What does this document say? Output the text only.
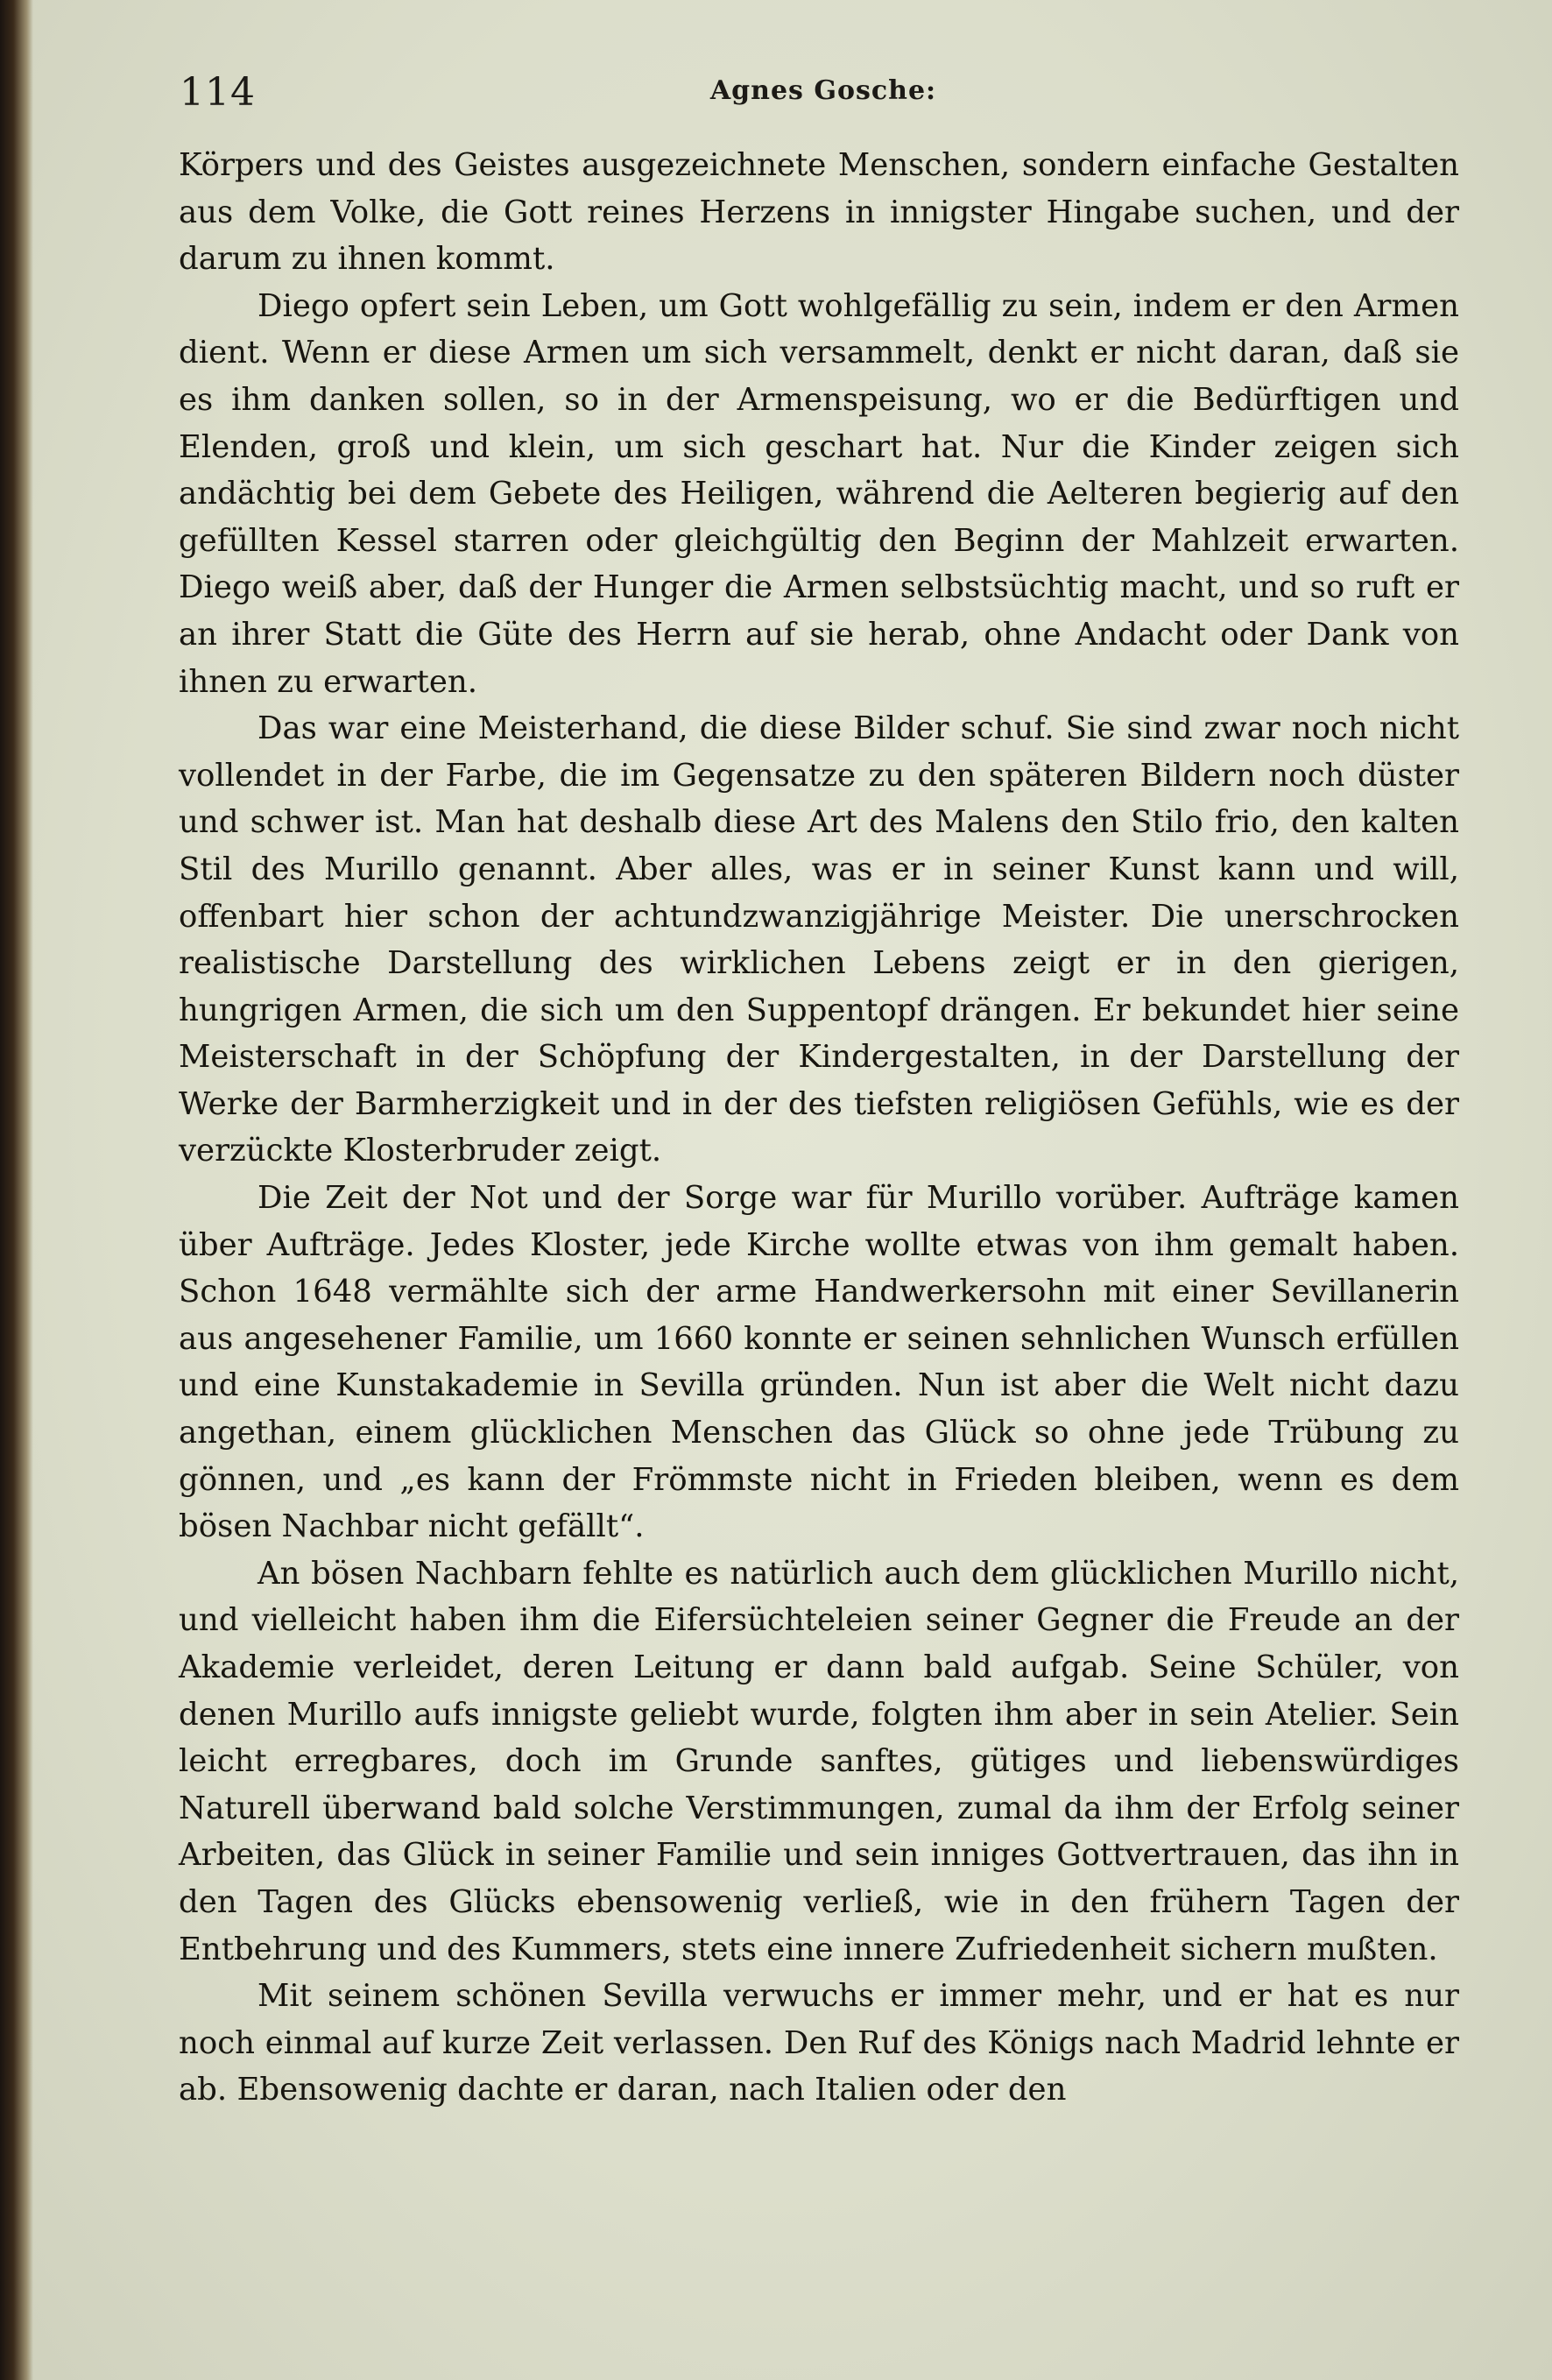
114	Agnes Gosche:

Körpers und des Geistes ausgezeichnete Menschen, sondern einfache Gestalten aus dem Volke, die Gott reines Herzens in innigster Hingabe suchen, und der darum zu ihnen kommt.

Diego opfert sein Leben, um Gott wohlgefällig zu sein, indem er den Armen dient. Wenn er diese Armen um sich versammelt, denkt er nicht daran, daß sie es ihm danken sollen, so in der Armenspeisung, wo er die Bedürftigen und Elenden, groß und klein, um sich geschart hat. Nur die Kinder zeigen sich andächtig bei dem Gebete des Heiligen, während die Aelteren begierig auf den gefüllten Kessel starren oder gleichgültig den Beginn der Mahlzeit erwarten. Diego weiß aber, daß der Hunger die Armen selbstsüchtig macht, und so ruft er an ihrer Statt die Güte des Herrn auf sie herab, ohne Andacht oder Dank von ihnen zu erwarten.

Das war eine Meisterhand, die diese Bilder schuf. Sie sind zwar noch nicht vollendet in der Farbe, die im Gegensatze zu den späteren Bildern noch düster und schwer ist. Man hat deshalb diese Art des Malens den Stilo frio, den kalten Stil des Murillo genannt. Aber alles, was er in seiner Kunst kann und will, offenbart hier schon der achtundzwanzigjährige Meister. Die unerschrocken realistische Darstellung des wirklichen Lebens zeigt er in den gierigen, hungrigen Armen, die sich um den Suppentopf drängen. Er bekundet hier seine Meisterschaft in der Schöpfung der Kindergestalten, in der Darstellung der Werke der Barmherzigkeit und in der des tiefsten religiösen Gefühls, wie es der verzückte Klosterbruder zeigt.

Die Zeit der Not und der Sorge war für Murillo vorüber. Aufträge kamen über Aufträge. Jedes Kloster, jede Kirche wollte etwas von ihm gemalt haben. Schon 1648 vermählte sich der arme Handwerkersohn mit einer Sevillanerin aus angesehener Familie, um 1660 konnte er seinen sehnlichen Wunsch erfüllen und eine Kunstakademie in Sevilla gründen. Nun ist aber die Welt nicht dazu angethan, einem glücklichen Menschen das Glück so ohne jede Trübung zu gönnen, und „es kann der Frömmste nicht in Frieden bleiben, wenn es dem bösen Nachbar nicht gefällt“.

An bösen Nachbarn fehlte es natürlich auch dem glücklichen Murillo nicht, und vielleicht haben ihm die Eifersüchteleien seiner Gegner die Freude an der Akademie verleidet, deren Leitung er dann bald aufgab. Seine Schüler, von denen Murillo aufs innigste geliebt wurde, folgten ihm aber in sein Atelier. Sein leicht erregbares, doch im Grunde sanftes, gütiges und liebenswürdiges Naturell überwand bald solche Verstimmungen, zumal da ihm der Erfolg seiner Arbeiten, das Glück in seiner Familie und sein inniges Gottvertrauen, das ihn in den Tagen des Glücks ebensowenig verließ, wie in den frühern Tagen der Entbehrung und des Kummers, stets eine innere Zufriedenheit sichern mußten.

Mit seinem schönen Sevilla verwuchs er immer mehr, und er hat es nur noch einmal auf kurze Zeit verlassen. Den Ruf des Königs nach Madrid lehnte er ab. Ebensowenig dachte er daran, nach Italien oder den
